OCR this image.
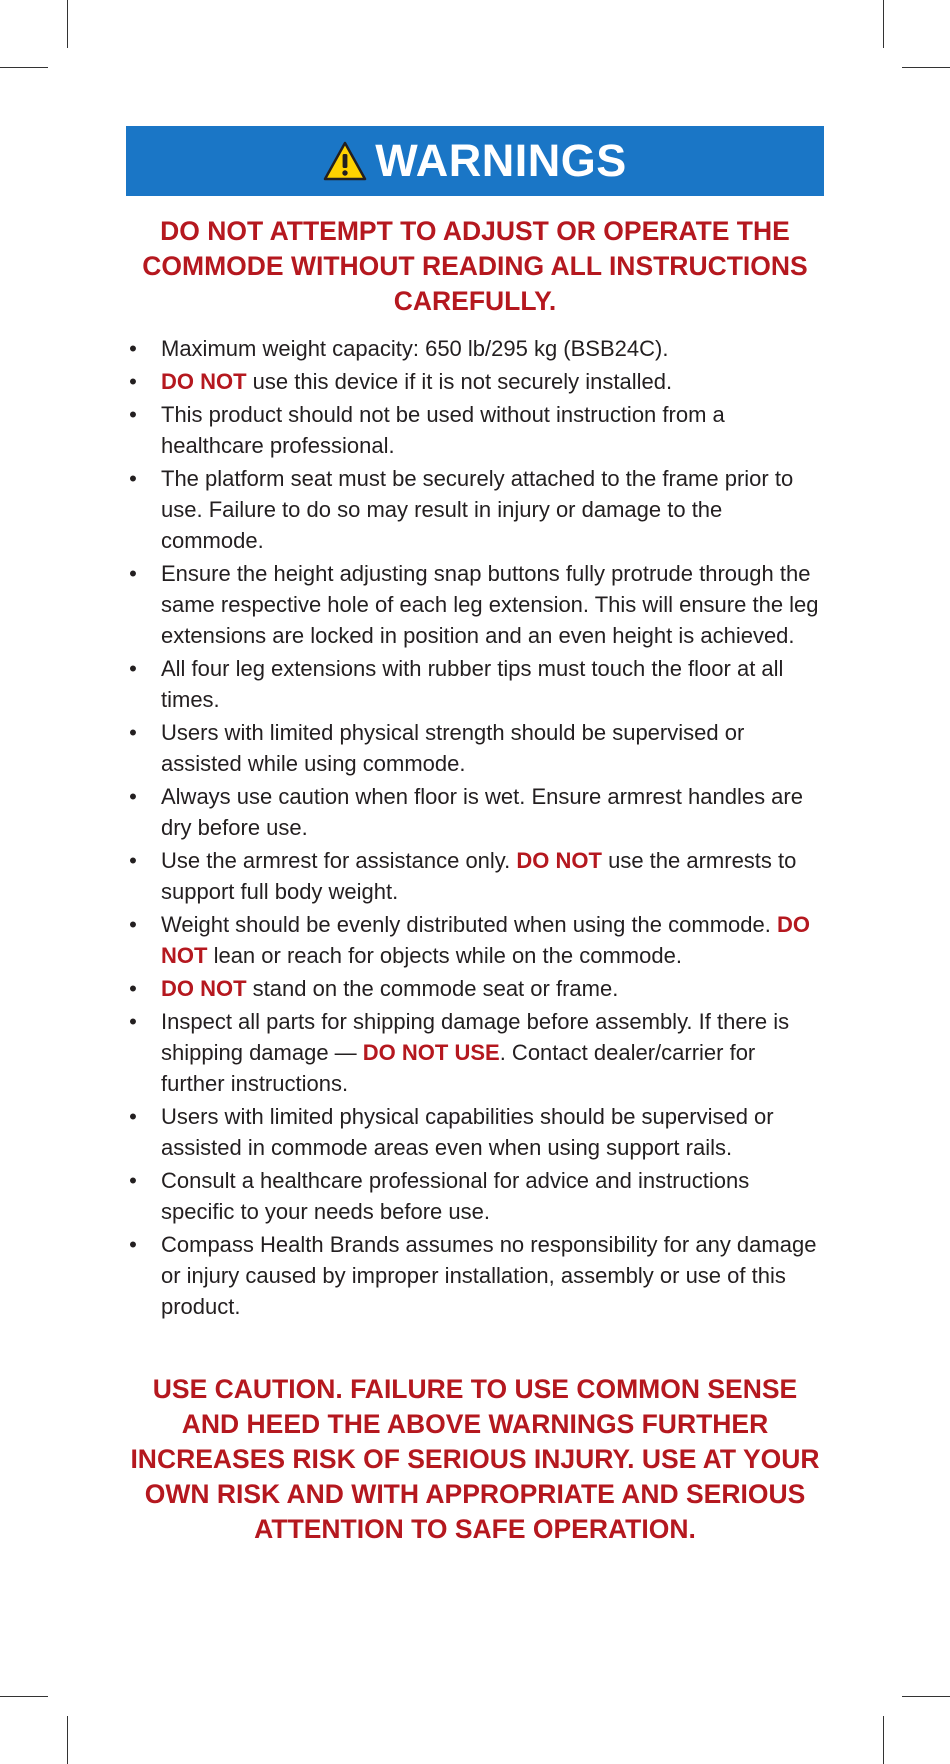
WARNINGS
DO NOT ATTEMPT TO ADJUST OR OPERATE THE COMMODE WITHOUT READING ALL INSTRUCTIONS CAREFULLY.
• Maximum weight capacity: 650 lb/295 kg (BSB24C).
• DO NOT use this device if it is not securely installed.
• This product should not be used without instruction from a healthcare professional.
• The platform seat must be securely attached to the frame prior to use. Failure to do so may result in injury or damage to the commode.
• Ensure the height adjusting snap buttons fully protrude through the same respective hole of each leg extension. This will ensure the leg extensions are locked in position and an even height is achieved.
• All four leg extensions with rubber tips must touch the floor at all times.
• Users with limited physical strength should be supervised or assisted while using commode.
• Always use caution when floor is wet. Ensure armrest handles are dry before use.
• Use the armrest for assistance only. DO NOT use the armrests to support full body weight.
• Weight should be evenly distributed when using the commode. DO NOT lean or reach for objects while on the commode.
• DO NOT stand on the commode seat or frame.
• Inspect all parts for shipping damage before assembly. If there is shipping damage — DO NOT USE. Contact dealer/carrier for further instructions.
• Users with limited physical capabilities should be supervised or assisted in commode areas even when using support rails.
• Consult a healthcare professional for advice and instructions specific to your needs before use.
• Compass Health Brands assumes no responsibility for any damage or injury caused by improper installation, assembly or use of this product.
USE CAUTION. FAILURE TO USE COMMON SENSE AND HEED THE ABOVE WARNINGS FURTHER INCREASES RISK OF SERIOUS INJURY. USE AT YOUR OWN RISK AND WITH APPROPRIATE AND SERIOUS ATTENTION TO SAFE OPERATION.
